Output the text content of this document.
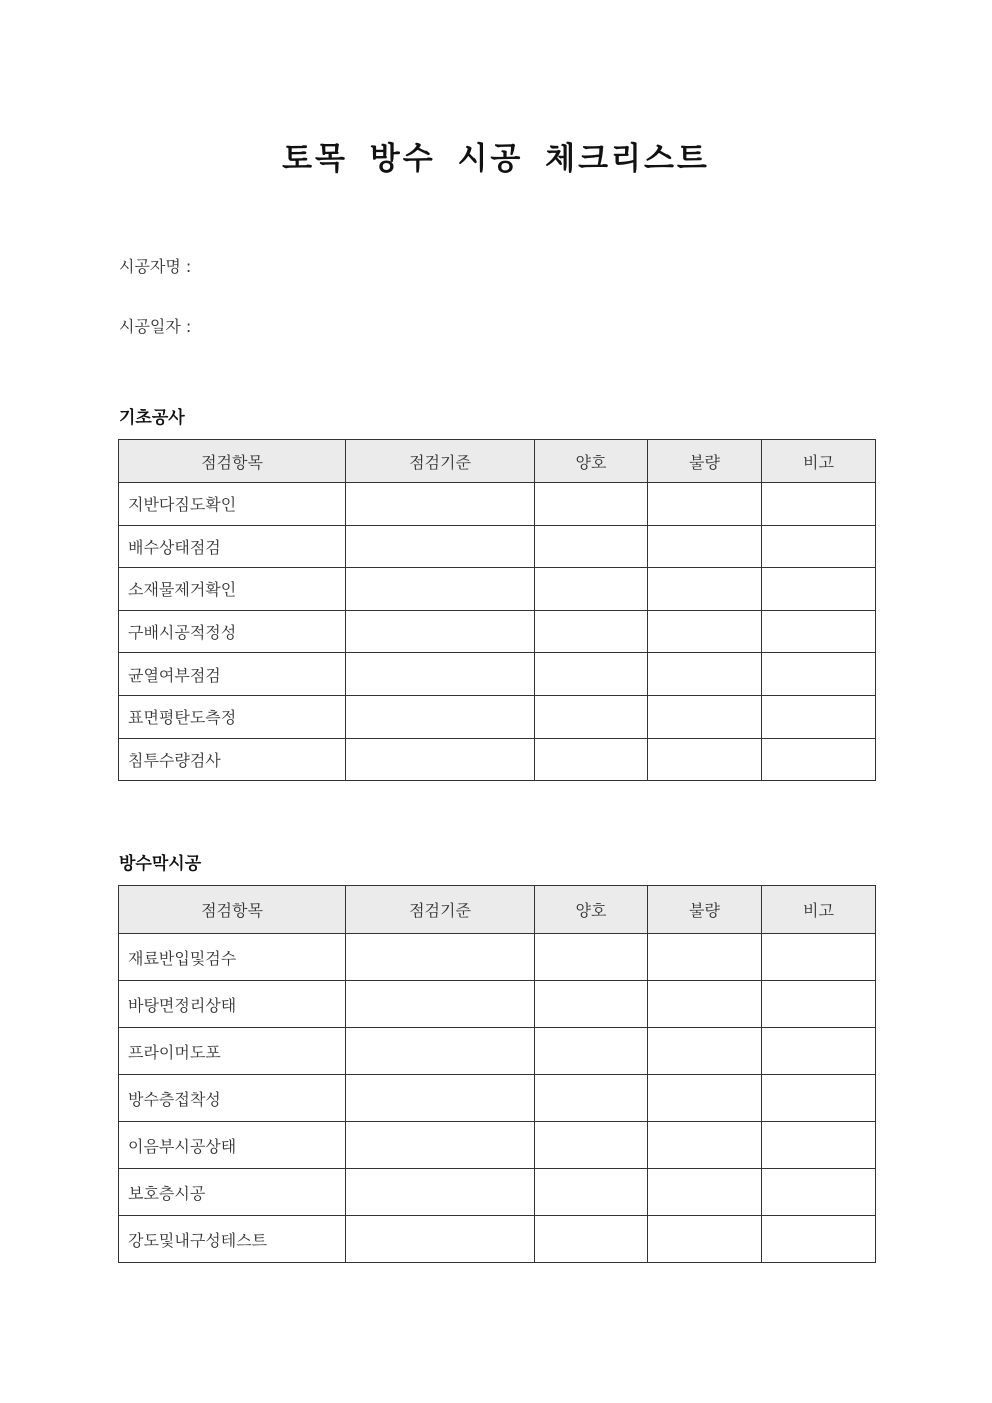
토목 방수 시공 체크리스트
시공자명 :
시공일자 :
기초공사
점검항목	점검기준	양호	불량	비고
지반다짐도확인				
배수상태점검				
소재물제거확인				
구배시공적정성				
균열여부점검				
표면평탄도측정				
침투수량검사				
방수막시공
점검항목	점검기준	양호	불량	비고
재료반입및검수				
바탕면정리상태				
프라이머도포				
방수층접착성				
이음부시공상태				
보호층시공				
강도및내구성테스트				
